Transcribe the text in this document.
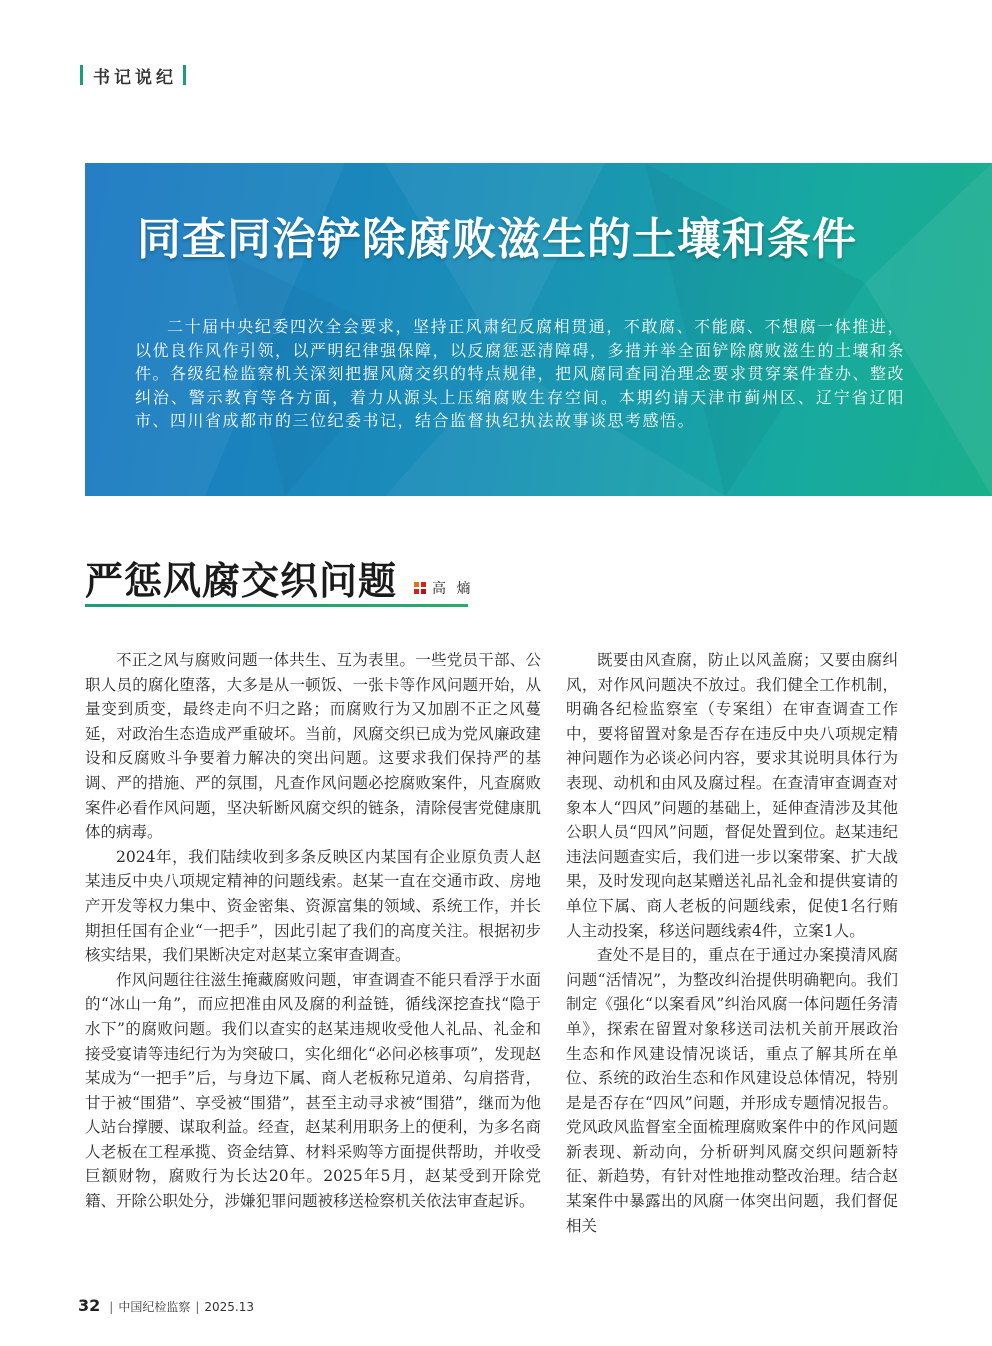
书记说纪
同查同治铲除腐败滋生的土壤和条件
二十届中央纪委四次全会要求，坚持正风肃纪反腐相贯通，不敢腐、不能腐、不想腐一体推进，以优良作风作引领，以严明纪律强保障，以反腐惩恶清障碍，多措并举全面铲除腐败滋生的土壤和条件。各级纪检监察机关深刻把握风腐交织的特点规律，把风腐同查同治理念要求贯穿案件查办、整改纠治、警示教育等各方面，着力从源头上压缩腐败生存空间。本期约请天津市蓟州区、辽宁省辽阳市、四川省成都市的三位纪委书记，结合监督执纪执法故事谈思考感悟。
严惩风腐交织问题 高 熵

不正之风与腐败问题一体共生、互为表里。一些党员干部、公职人员的腐化堕落，大多是从一顿饭、一张卡等作风问题开始，从量变到质变，最终走向不归之路；而腐败行为又加剧不正之风蔓延，对政治生态造成严重破坏。当前，风腐交织已成为党风廉政建设和反腐败斗争要着力解决的突出问题。这要求我们保持严的基调、严的措施、严的氛围，凡查作风问题必挖腐败案件，凡查腐败案件必看作风问题，坚决斩断风腐交织的链条，清除侵害党健康肌体的病毒。

2024年，我们陆续收到多条反映区内某国有企业原负责人赵某违反中央八项规定精神的问题线索。赵某一直在交通市政、房地产开发等权力集中、资金密集、资源富集的领域、系统工作，并长期担任国有企业“一把手”，因此引起了我们的高度关注。根据初步核实结果，我们果断决定对赵某立案审查调查。

作风问题往往滋生掩藏腐败问题，审查调查不能只看浮于水面的“冰山一角”，而应把准由风及腐的利益链，循线深挖查找“隐于水下”的腐败问题。我们以查实的赵某违规收受他人礼品、礼金和接受宴请等违纪行为为突破口，实化细化“必问必核事项”，发现赵某成为“一把手”后，与身边下属、商人老板称兄道弟、勾肩搭背，甘于被“围猎”、享受被“围猎”，甚至主动寻求被“围猎”，继而为他人站台撑腰、谋取利益。经查，赵某利用职务上的便利，为多名商人老板在工程承揽、资金结算、材料采购等方面提供帮助，并收受巨额财物，腐败行为长达20年。2025年5月，赵某受到开除党籍、开除公职处分，涉嫌犯罪问题被移送检察机关依法审查起诉。

既要由风查腐，防止以风盖腐；又要由腐纠风，对作风问题决不放过。我们健全工作机制，明确各纪检监察室（专案组）在审查调查工作中，要将留置对象是否存在违反中央八项规定精神问题作为必谈必问内容，要求其说明具体行为表现、动机和由风及腐过程。在查清审查调查对象本人“四风”问题的基础上，延伸查清涉及其他公职人员“四风”问题，督促处置到位。赵某违纪违法问题查实后，我们进一步以案带案、扩大战果，及时发现向赵某赠送礼品礼金和提供宴请的单位下属、商人老板的问题线索，促使1名行贿人主动投案，移送问题线索4件，立案1人。

查处不是目的，重点在于通过办案摸清风腐问题“活情况”，为整改纠治提供明确靶向。我们制定《强化“以案看风”纠治风腐一体问题任务清单》，探索在留置对象移送司法机关前开展政治生态和作风建设情况谈话，重点了解其所在单位、系统的政治生态和作风建设总体情况，特别是是否存在“四风”问题，并形成专题情况报告。党风政风监督室全面梳理腐败案件中的作风问题新表现、新动向，分析研判风腐交织问题新特征、新趋势，有针对性地推动整改治理。结合赵某案件中暴露出的风腐一体突出问题，我们督促相关

32 | 中国纪检监察 | 2025.13
